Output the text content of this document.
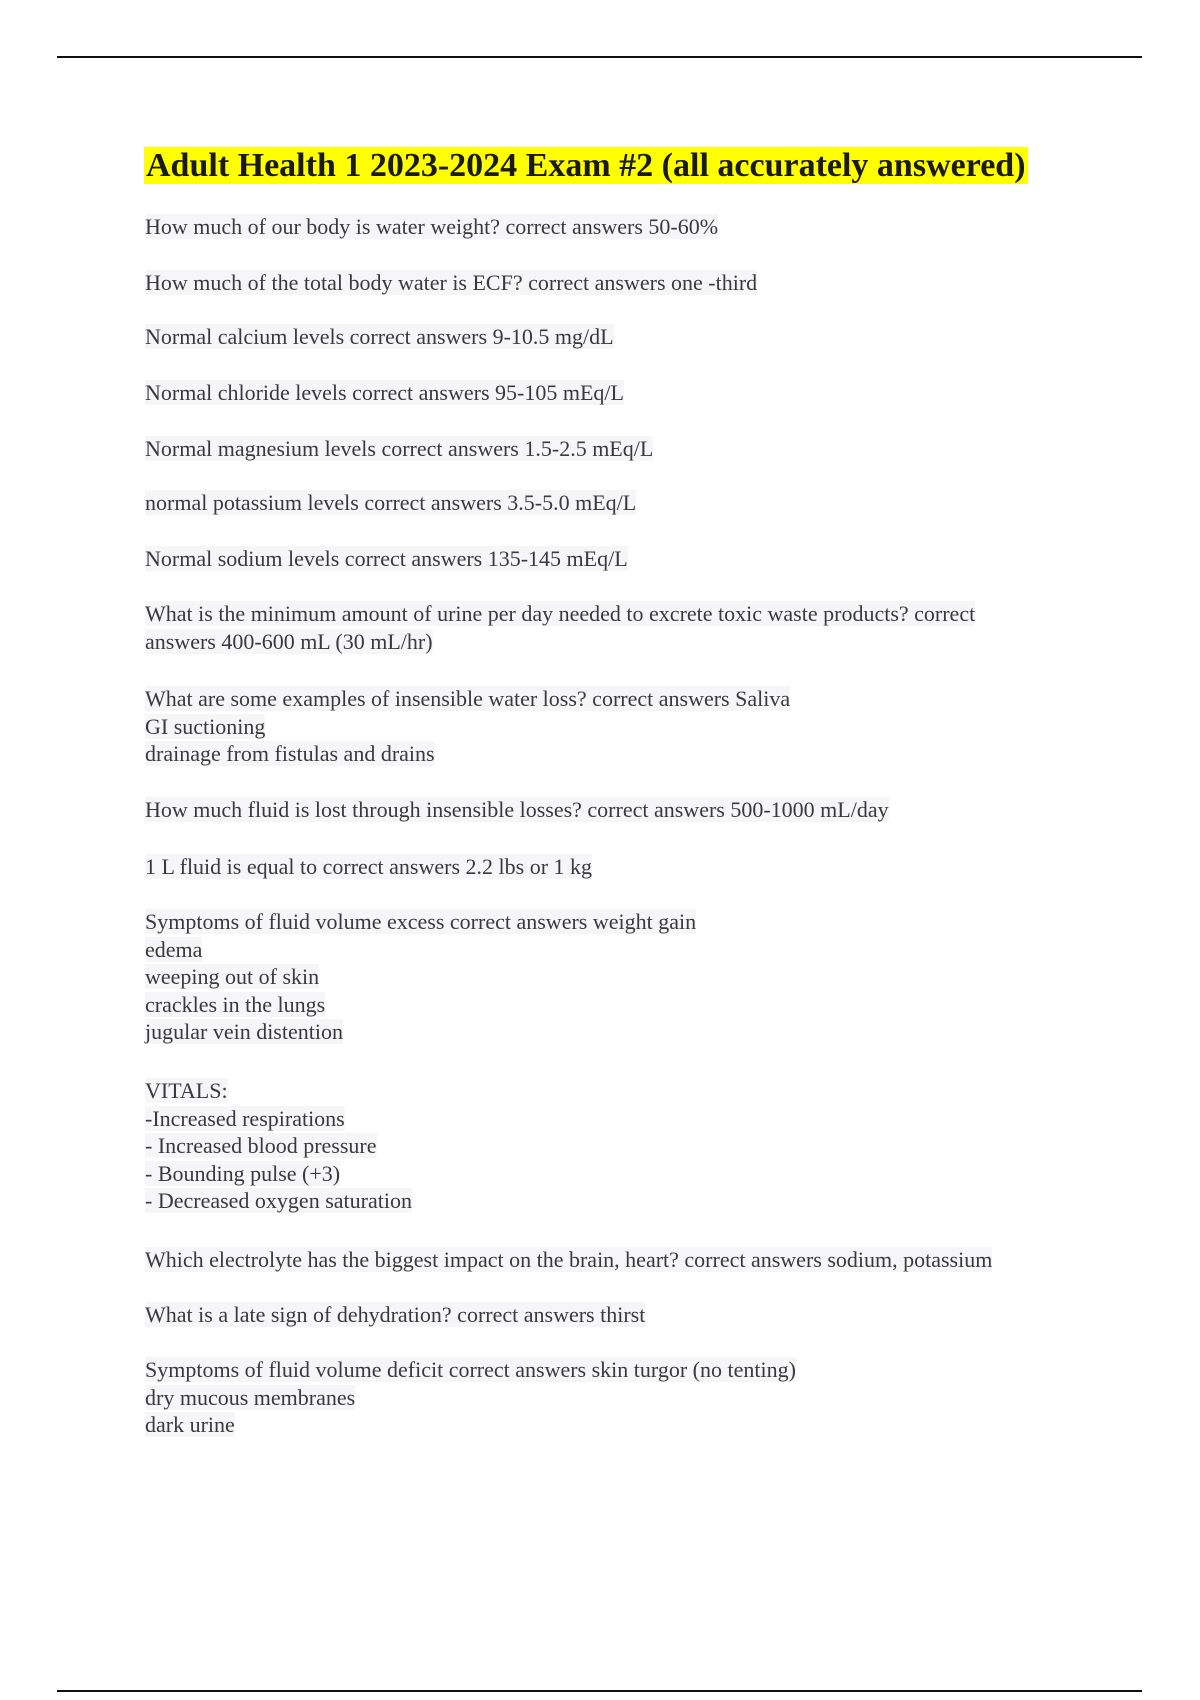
Adult Health 1 2023-2024 Exam #2 (all accurately answered)
How much of our body is water weight? correct answers 50-60%
How much of the total body water is ECF? correct answers one -third
Normal calcium levels correct answers 9-10.5 mg/dL
Normal chloride levels correct answers 95-105 mEq/L
Normal magnesium levels correct answers 1.5-2.5 mEq/L
normal potassium levels correct answers 3.5-5.0 mEq/L
Normal sodium levels correct answers 135-145 mEq/L
What is the minimum amount of urine per day needed to excrete toxic waste products? correct
answers 400-600 mL (30 mL/hr)
What are some examples of insensible water loss? correct answers Saliva
GI suctioning
drainage from fistulas and drains
How much fluid is lost through insensible losses? correct answers 500-1000 mL/day
1 L fluid is equal to correct answers 2.2 lbs or 1 kg
Symptoms of fluid volume excess correct answers weight gain
edema
weeping out of skin
crackles in the lungs
jugular vein distention
VITALS:
-Increased respirations
- Increased blood pressure
- Bounding pulse (+3)
- Decreased oxygen saturation
Which electrolyte has the biggest impact on the brain, heart? correct answers sodium, potassium
What is a late sign of dehydration? correct answers thirst
Symptoms of fluid volume deficit correct answers skin turgor (no tenting)
dry mucous membranes
dark urine
